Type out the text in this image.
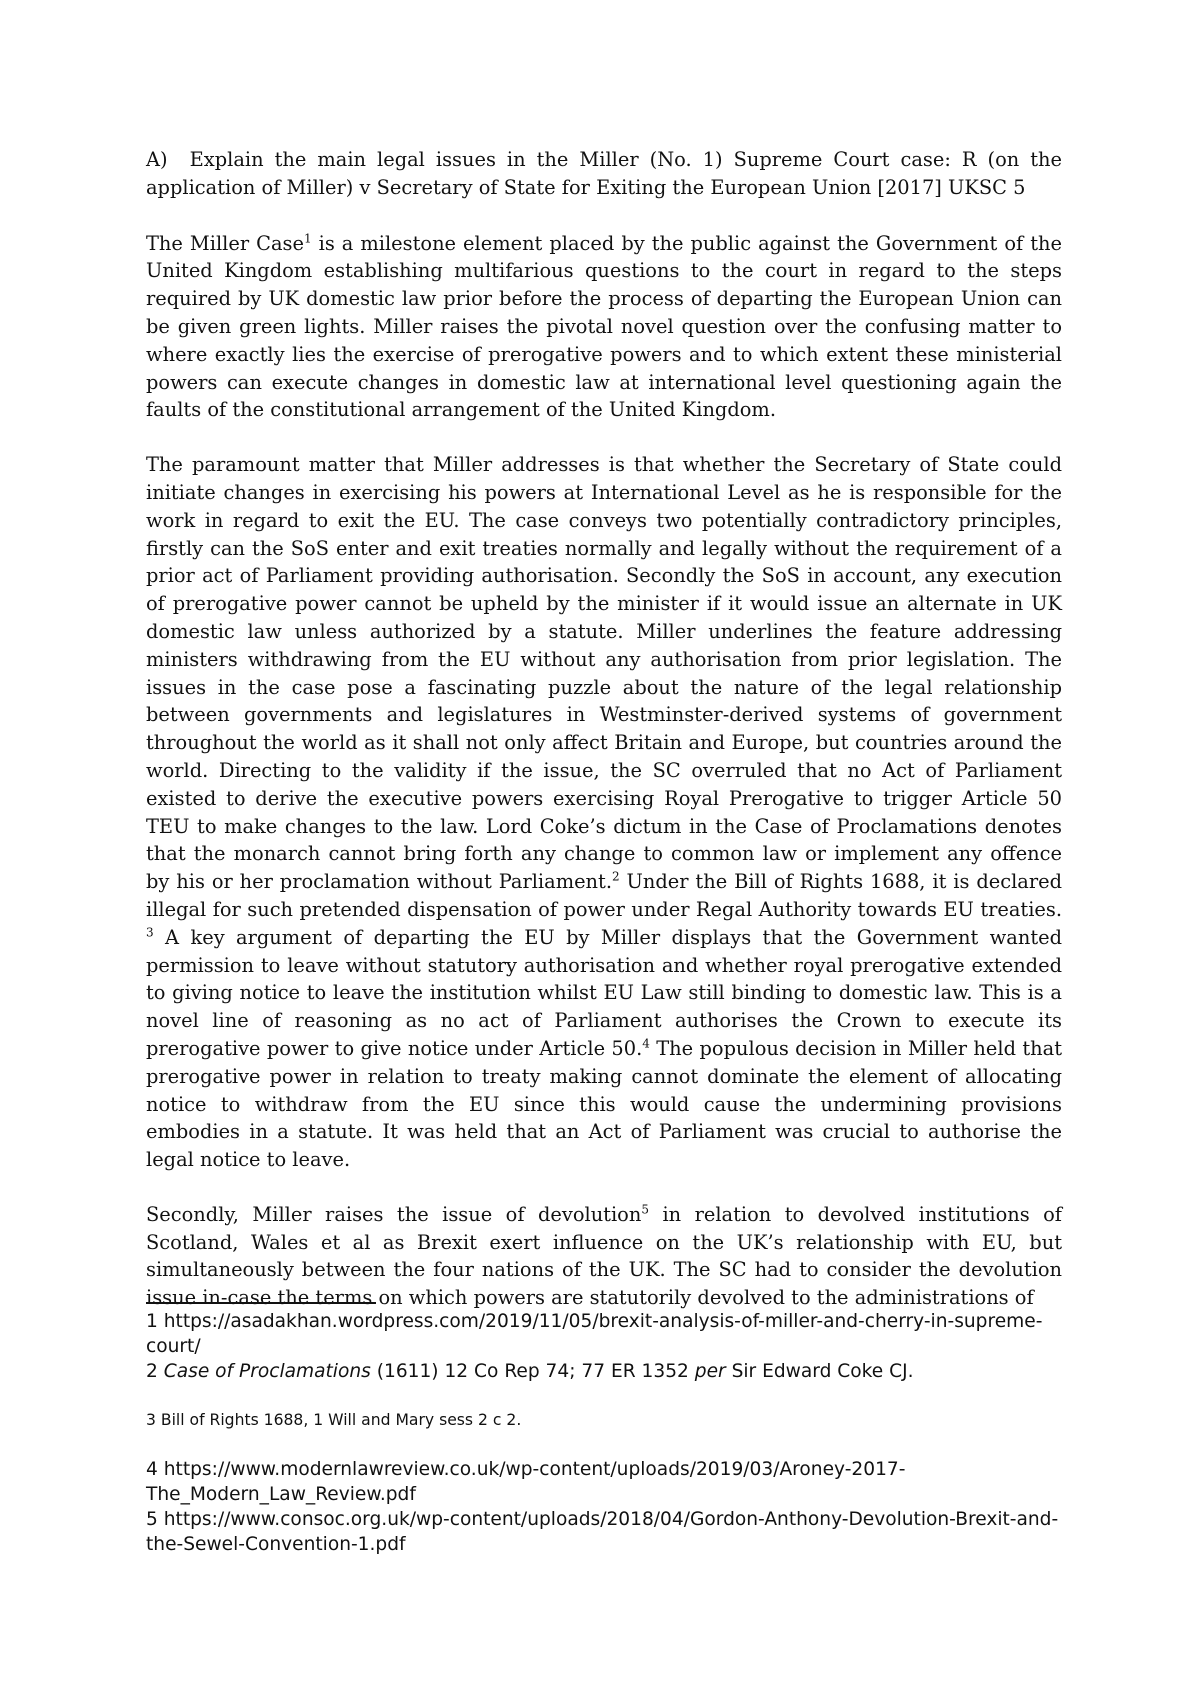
A) Explain the main legal issues in the Miller (No. 1) Supreme Court case: R (on the application of Miller) v Secretary of State for Exiting the European Union [2017] UKSC 5

The Miller Case$^1$ is a milestone element placed by the public against the Government of the United Kingdom establishing multifarious questions to the court in regard to the steps required by UK domestic law prior before the process of departing the European Union can be given green lights. Miller raises the pivotal novel question over the confusing matter to where exactly lies the exercise of prerogative powers and to which extent these ministerial powers can execute changes in domestic law at international level questioning again the faults of the constitutional arrangement of the United Kingdom.

The paramount matter that Miller addresses is that whether the Secretary of State could initiate changes in exercising his powers at International Level as he is responsible for the work in regard to exit the EU. The case conveys two potentially contradictory principles, firstly can the SoS enter and exit treaties normally and legally without the requirement of a prior act of Parliament providing authorisation. Secondly the SoS in account, any execution of prerogative power cannot be upheld by the minister if it would issue an alternate in UK domestic law unless authorized by a statute. Miller underlines the feature addressing ministers withdrawing from the EU without any authorisation from prior legislation. The issues in the case pose a fascinating puzzle about the nature of the legal relationship between governments and legislatures in Westminster-derived systems of government throughout the world as it shall not only affect Britain and Europe, but countries around the world. Directing to the validity if the issue, the SC overruled that no Act of Parliament existed to derive the executive powers exercising Royal Prerogative to trigger Article 50 TEU to make changes to the law. Lord Coke’s dictum in the Case of Proclamations denotes that the monarch cannot bring forth any change to common law or implement any offence by his or her proclamation without Parliament.$^2$ Under the Bill of Rights 1688, it is declared illegal for such pretended dispensation of power under Regal Authority towards EU treaties. $^3$ A key argument of departing the EU by Miller displays that the Government wanted permission to leave without statutory authorisation and whether royal prerogative extended to giving notice to leave the institution whilst EU Law still binding to domestic law. This is a novel line of reasoning as no act of Parliament authorises the Crown to execute its prerogative power to give notice under Article 50.$^4$ The populous decision in Miller held that prerogative power in relation to treaty making cannot dominate the element of allocating notice to withdraw from the EU since this would cause the undermining provisions embodies in a statute. It was held that an Act of Parliament was crucial to authorise the legal notice to leave.

Secondly, Miller raises the issue of devolution$^5$ in relation to devolved institutions of Scotland, Wales et al as Brexit exert influence on the UK’s relationship with EU, but simultaneously between the four nations of the UK. The SC had to consider the devolution issue in-case the terms on which powers are statutorily devolved to the administrations of

1 https://asadakhan.wordpress.com/2019/11/05/brexit-analysis-of-miller-and-cherry-in-supreme-court/

2 Case of Proclamations (1611) 12 Co Rep 74; 77 ER 1352 per Sir Edward Coke CJ.

3 Bill of Rights 1688, 1 Will and Mary sess 2 c 2.

4 https://www.modernlawreview.co.uk/wp-content/uploads/2019/03/Aroney-2017-The_Modern_Law_Review.pdf

5 https://www.consoc.org.uk/wp-content/uploads/2018/04/Gordon-Anthony-Devolution-Brexit-and-the-Sewel-Convention-1.pdf
